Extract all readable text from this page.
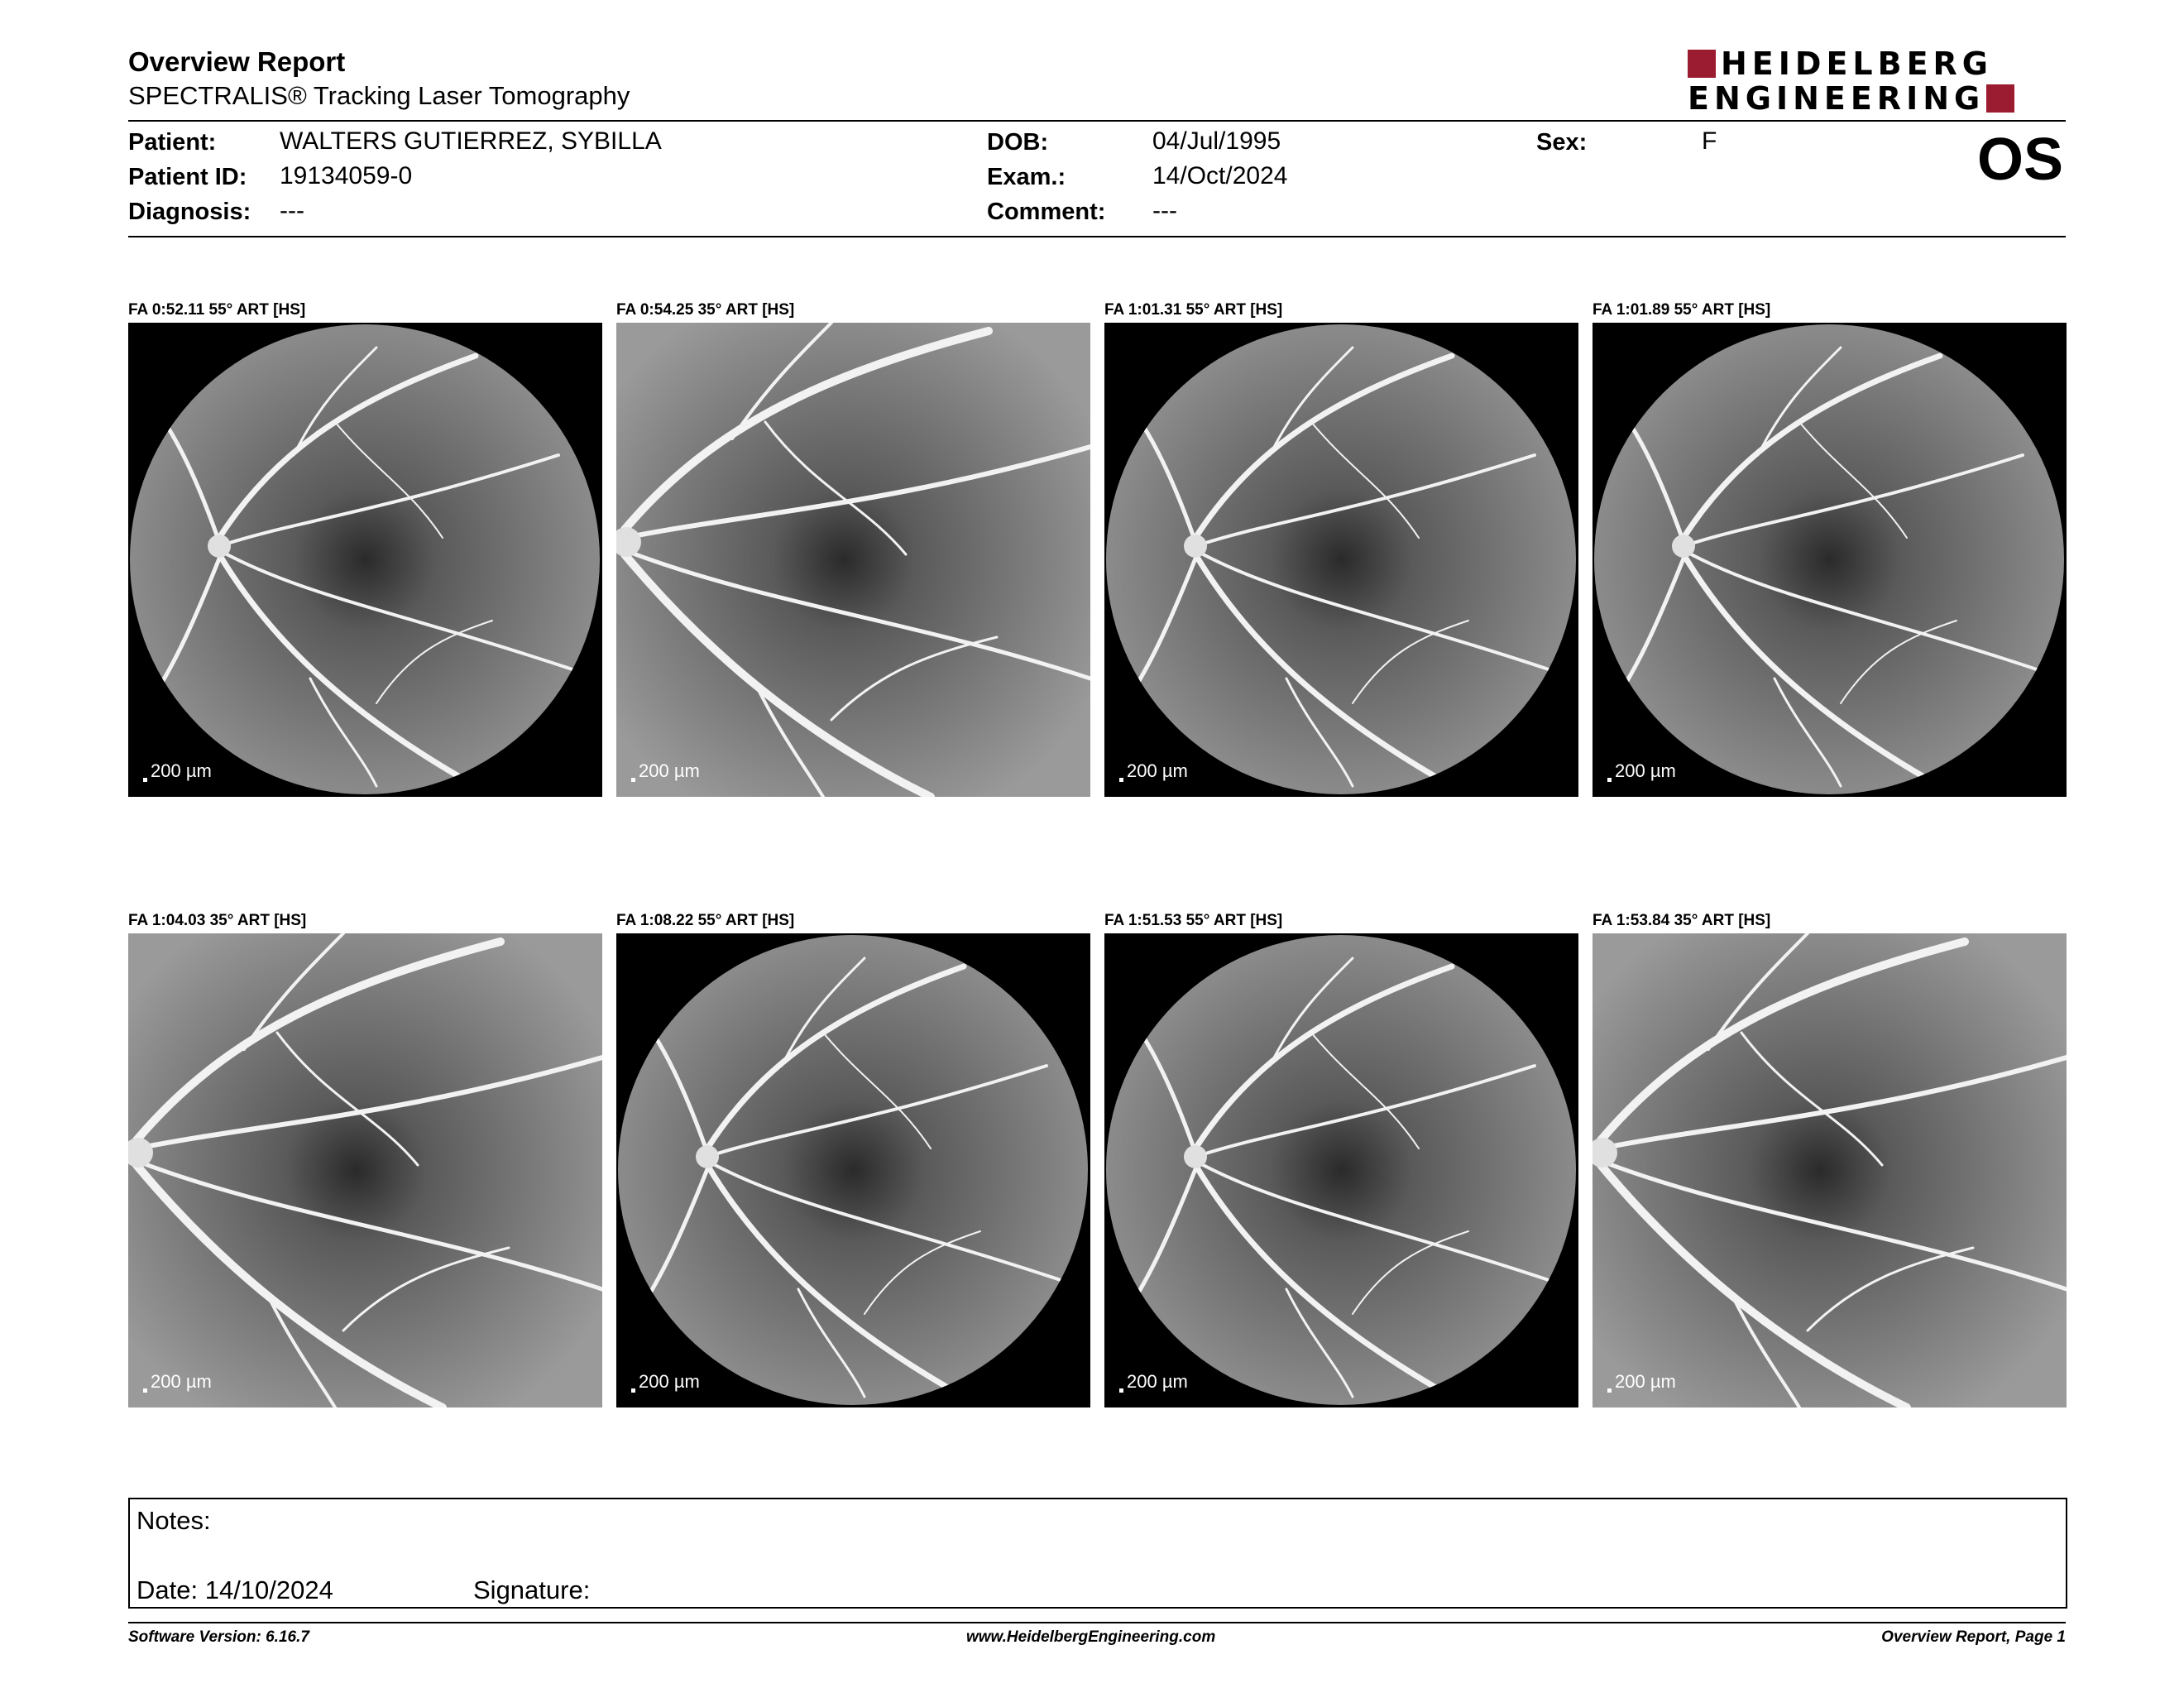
Overview Report
SPECTRALIS® Tracking Laser Tomography
HEIDELBERG
ENGINEERING
Patient:	WALTERS GUTIERREZ, SYBILLA
Patient ID: 19134059-0
Diagnosis: ---
DOB:	04/Jul/1995
Exam.:	14/Oct/2024
Comment: ---
Sex:	F	OS
FA 0:52.11 55° ART [HS]
200 µm
FA 0:54.25 35° ART [HS]
200 µm
FA 1:01.31 55° ART [HS]
200 µm
FA 1:01.89 55° ART [HS]
200 µm
FA 1:04.03 35° ART [HS]
200 µm
FA 1:08.22 55° ART [HS]
200 µm
FA 1:51.53 55° ART [HS]
200 µm
FA 1:53.84 35° ART [HS]
200 µm
Notes:
Date: 14/10/2024	Signature:
Software Version: 6.16.7	www.HeidelbergEngineering.com	Overview Report, Page 1
